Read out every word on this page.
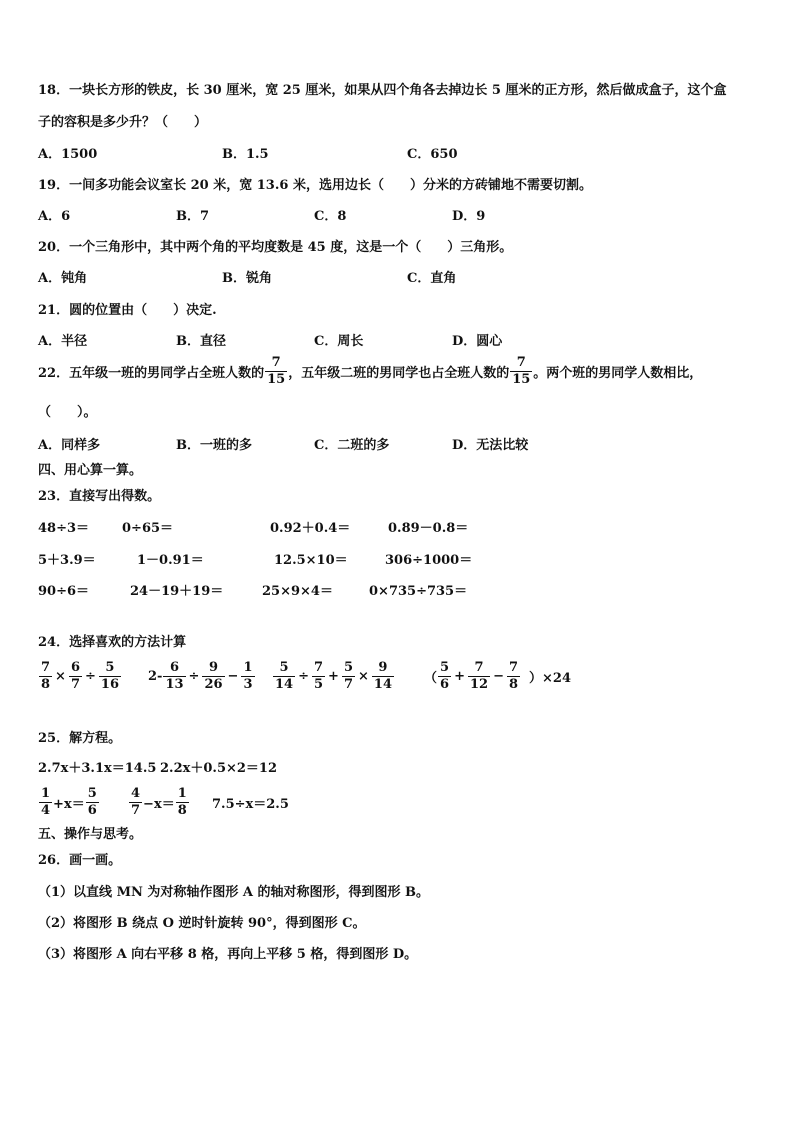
18．一块长方形的铁皮，长 30 厘米，宽 25 厘米，如果从四个角各去掉边长 5 厘米的正方形，然后做成盒子，这个盒
子的容积是多少升？（　　）
A．1500	B．1.5	C．650
19．一间多功能会议室长 20 米，宽 13.6 米，选用边长（　　）分米的方砖铺地不需要切割。
A．6	B．7	C．8	D．9
20．一个三角形中，其中两个角的平均度数是 45 度，这是一个（　　）三角形。
A．钝角	B．锐角	C．直角
21．圆的位置由（　　）决定.
A．半径	B．直径	C．周长	D．圆心
22．五年级一班的男同学占全班人数的 $\frac{7}{15}$ ，五年级二班的男同学也占全班人数的 $\frac{7}{15}$ 。两个班的男同学人数相比，
（　　）。
A．同样多	B．一班的多	C．二班的多	D．无法比较
四、用心算一算。
23．直接写出得数。
48÷3＝	0÷65＝	0.92＋0.4＝	0.89－0.8＝
5＋3.9＝	1－0.91＝	12.5×10＝	306÷1000＝
90÷6＝	24－19＋19＝	25×9×4＝	0×735÷735＝
24．选择喜欢的方法计算
$\frac{7}{8} \times \frac{6}{7} \div \frac{5}{16} 2- \frac{6}{13} \div \frac{9}{26} - \frac{1}{3} \frac{5}{14} \div \frac{7}{5} + \frac{5}{7} \times \frac{9}{14}$ （ $\frac{5}{6} + \frac{7}{12} - \frac{7}{8} )\times 24$
25．解方程。
2.7x＋3.1x＝14.5 2.2x＋0.5×2＝12
$\frac{1}{4} +x= \frac{5}{6} \frac{4}{7} -x= \frac{1}{8} 7.5\div x=2.5$
五、操作与思考。
26．画一画。
（1）以直线 MN 为对称轴作图形 A 的轴对称图形，得到图形 B。
（2）将图形 B 绕点 O 逆时针旋转 90°，得到图形 C。
（3）将图形 A 向右平移 8 格，再向上平移 5 格，得到图形 D。
